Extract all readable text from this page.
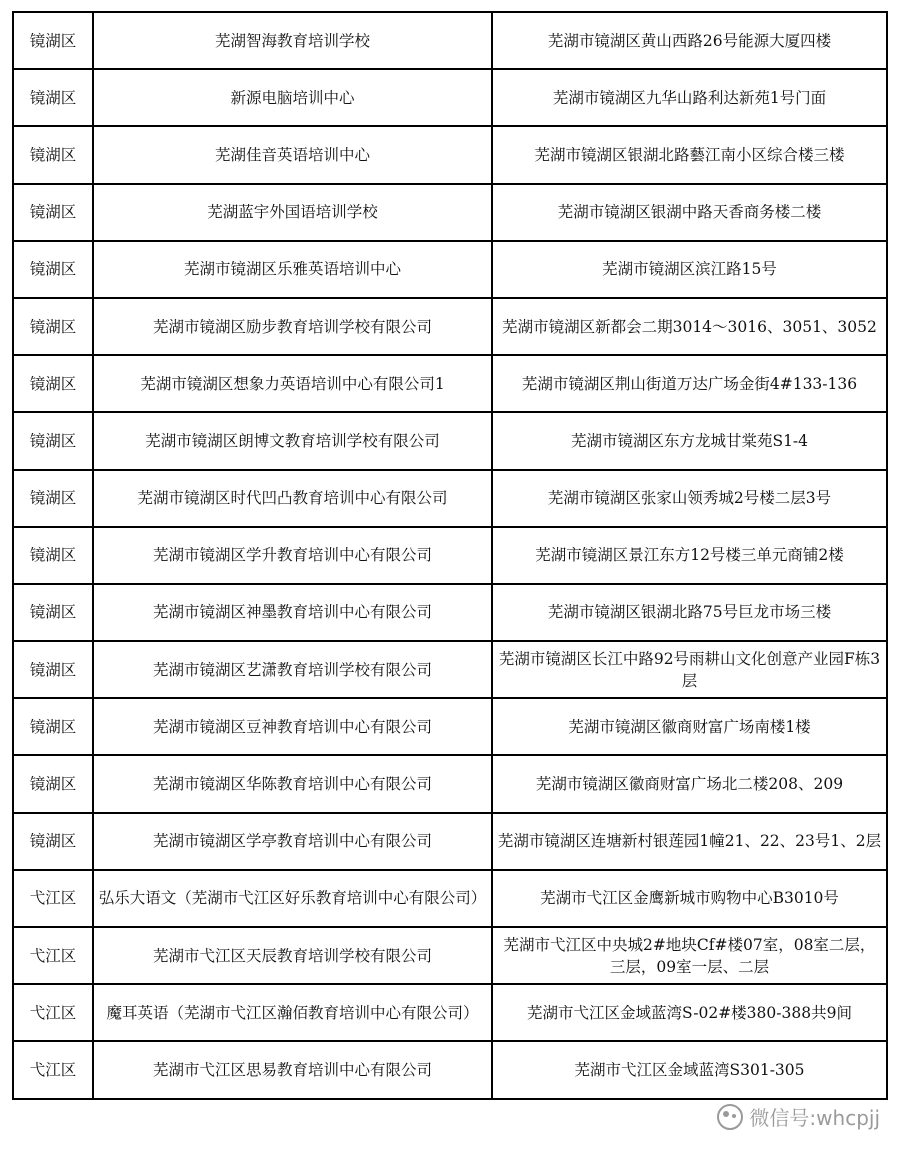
镜湖区	芜湖智海教育培训学校	芜湖市镜湖区黄山西路26号能源大厦四楼
镜湖区	新源电脑培训中心	芜湖市镜湖区九华山路利达新苑1号门面
镜湖区	芜湖佳音英语培训中心	芜湖市镜湖区银湖北路藝江南小区综合楼三楼
镜湖区	芜湖蓝宇外国语培训学校	芜湖市镜湖区银湖中路天香商务楼二楼
镜湖区	芜湖市镜湖区乐雅英语培训中心	芜湖市镜湖区滨江路15号
镜湖区	芜湖市镜湖区励步教育培训学校有限公司	芜湖市镜湖区新都会二期3014～3016、3051、3052
镜湖区	芜湖市镜湖区想象力英语培训中心有限公司1	芜湖市镜湖区荆山街道万达广场金街4#133-136
镜湖区	芜湖市镜湖区朗博文教育培训学校有限公司	芜湖市镜湖区东方龙城甘棠苑S1-4
镜湖区	芜湖市镜湖区时代凹凸教育培训中心有限公司	芜湖市镜湖区张家山领秀城2号楼二层3号
镜湖区	芜湖市镜湖区学升教育培训中心有限公司	芜湖市镜湖区景江东方12号楼三单元商铺2楼
镜湖区	芜湖市镜湖区神墨教育培训中心有限公司	芜湖市镜湖区银湖北路75号巨龙市场三楼
镜湖区	芜湖市镜湖区艺潇教育培训学校有限公司	芜湖市镜湖区长江中路92号雨耕山文化创意产业园F栋3层
镜湖区	芜湖市镜湖区豆神教育培训中心有限公司	芜湖市镜湖区徽商财富广场南楼1楼
镜湖区	芜湖市镜湖区华陈教育培训中心有限公司	芜湖市镜湖区徽商财富广场北二楼208、209
镜湖区	芜湖市镜湖区学亭教育培训中心有限公司	芜湖市镜湖区连塘新村银莲园1幢21、22、23号1、2层
弋江区	弘乐大语文（芜湖市弋江区好乐教育培训中心有限公司）	芜湖市弋江区金鹰新城市购物中心B3010号
弋江区	芜湖市弋江区天辰教育培训学校有限公司	芜湖市弋江区中央城2#地块Cf#楼07室，08室二层，三层，09室一层、二层
弋江区	魔耳英语（芜湖市弋江区瀚佰教育培训中心有限公司）	芜湖市弋江区金域蓝湾S-02#楼380-388共9间
弋江区	芜湖市弋江区思易教育培训中心有限公司	芜湖市弋江区金域蓝湾S301-305
微信号:whcpjj
